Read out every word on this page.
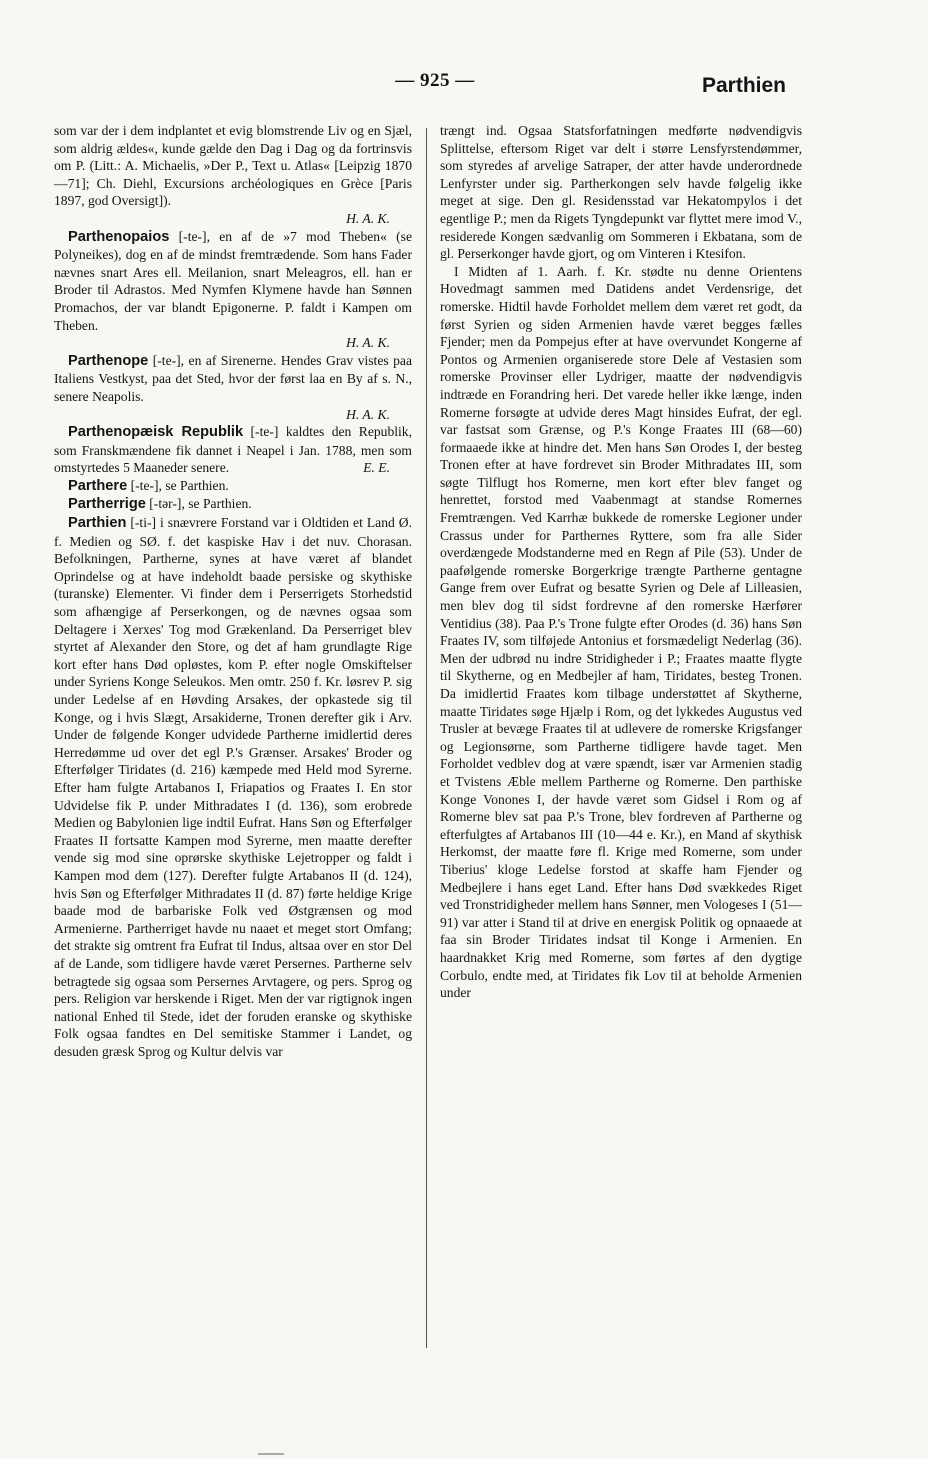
— 925 —	Parthien

som var der i dem indplantet et evig blomstrende Liv og en Sjæl, som aldrig ældes«, kunde gælde den Dag i Dag og da fortrinsvis om P. (Litt.: A. Michaelis, »Der P., Text u. Atlas« [Leipzig 1870—71]; Ch. Diehl, Excursions archéologiques en Grèce [Paris 1897, god Oversigt]).
H. A. K.

Parthenopaios [-te-], en af de »7 mod Theben« (se Polyneikes), dog en af de mindst fremtrædende. Som hans Fader nævnes snart Ares ell. Meilanion, snart Meleagros, ell. han er Broder til Adrastos. Med Nymfen Klymene havde han Sønnen Promachos, der var blandt Epigonerne. P. faldt i Kampen om Theben.
H. A. K.

Parthenope [-te-], en af Sirenerne. Hendes Grav vistes paa Italiens Vestkyst, paa det Sted, hvor der først laa en By af s. N., senere Neapolis.
H. A. K.

Parthenopæisk Republik [-te-] kaldtes den Republik, som Franskmændene fik dannet i Neapel i Jan. 1788, men som omstyrtedes 5 Maaneder senere.	E. E.

Parthere [-te-], se Parthien.

Partherrige [-tər-], se Parthien.

Parthien [-ti-] i snævrere Forstand var i Oldtiden et Land Ø. f. Medien og SØ. f. det kaspiske Hav i det nuv. Chorasan. Befolkningen, Partherne, synes at have været af blandet Oprindelse og at have indeholdt baade persiske og skythiske (turanske) Elementer. Vi finder dem i Perserrigets Storhedstid som afhængige af Perserkongen, og de nævnes ogsaa som Deltagere i Xerxes' Tog mod Grækenland. Da Perserriget blev styrtet af Alexander den Store, og det af ham grundlagte Rige kort efter hans Død opløstes, kom P. efter nogle Omskiftelser under Syriens Konge Seleukos. Men omtr. 250 f. Kr. løsrev P. sig under Ledelse af en Høvding Arsakes, der opkastede sig til Konge, og i hvis Slægt, Arsakiderne, Tronen derefter gik i Arv. Under de følgende Konger udvidede Partherne imidlertid deres Herredømme ud over det egl P.'s Grænser. Arsakes' Broder og Efterfølger Tiridates (d. 216) kæmpede med Held mod Syrerne. Efter ham fulgte Artabanos I, Friapatios og Fraates I. En stor Udvidelse fik P. under Mithradates I (d. 136), som erobrede Medien og Babylonien lige indtil Eufrat. Hans Søn og Efterfølger Fraates II fortsatte Kampen mod Syrerne, men maatte derefter vende sig mod sine oprørske skythiske Lejetropper og faldt i Kampen mod dem (127). Derefter fulgte Artabanos II (d. 124), hvis Søn og Efterfølger Mithradates II (d. 87) førte heldige Krige baade mod de barbariske Folk ved Østgrænsen og mod Armenierne. Partherriget havde nu naaet et meget stort Omfang; det strakte sig omtrent fra Eufrat til Indus, altsaa over en stor Del af de Lande, som tidligere havde været Persernes. Partherne selv betragtede sig ogsaa som Persernes Arvtagere, og pers. Sprog og pers. Religion var herskende i Riget. Men der var rigtignok ingen national Enhed til Stede, idet der foruden eranske og skythiske Folk ogsaa fandtes en Del semitiske Stammer i Landet, og desuden græsk Sprog og Kultur delvis var

trængt ind. Ogsaa Statsforfatningen medførte nødvendigvis Splittelse, eftersom Riget var delt i større Lensfyrstendømmer, som styredes af arvelige Satraper, der atter havde underordnede Lenfyrster under sig. Partherkongen selv havde følgelig ikke meget at sige. Den gl. Residensstad var Hekatompylos i det egentlige P.; men da Rigets Tyngdepunkt var flyttet mere imod V., residerede Kongen sædvanlig om Sommeren i Ekbatana, som de gl. Perserkonger havde gjort, og om Vinteren i Ktesifon.

I Midten af 1. Aarh. f. Kr. stødte nu denne Orientens Hovedmagt sammen med Datidens andet Verdensrige, det romerske. Hidtil havde Forholdet mellem dem været ret godt, da først Syrien og siden Armenien havde været begges fælles Fjender; men da Pompejus efter at have overvundet Kongerne af Pontos og Armenien organiserede store Dele af Vestasien som romerske Provinser eller Lydriger, maatte der nødvendigvis indtræde en Forandring heri. Det varede heller ikke længe, inden Romerne forsøgte at udvide deres Magt hinsides Eufrat, der egl. var fastsat som Grænse, og P.'s Konge Fraates III (68—60) formaaede ikke at hindre det. Men hans Søn Orodes I, der besteg Tronen efter at have fordrevet sin Broder Mithradates III, som søgte Tilflugt hos Romerne, men kort efter blev fanget og henrettet, forstod med Vaabenmagt at standse Romernes Fremtrængen. Ved Karrhæ bukkede de romerske Legioner under Crassus under for Parthernes Ryttere, som fra alle Sider overdængede Modstanderne med en Regn af Pile (53). Under de paafølgende romerske Borgerkrige trængte Partherne gentagne Gange frem over Eufrat og besatte Syrien og Dele af Lilleasien, men blev dog til sidst fordrevne af den romerske Hærfører Ventidius (38). Paa P.'s Trone fulgte efter Orodes (d. 36) hans Søn Fraates IV, som tilføjede Antonius et forsmædeligt Nederlag (36). Men der udbrød nu indre Stridigheder i P.; Fraates maatte flygte til Skytherne, og en Medbejler af ham, Tiridates, besteg Tronen. Da imidlertid Fraates kom tilbage understøttet af Skytherne, maatte Tiridates søge Hjælp i Rom, og det lykkedes Augustus ved Trusler at bevæge Fraates til at udlevere de romerske Krigsfanger og Legionsørne, som Partherne tidligere havde taget. Men Forholdet vedblev dog at være spændt, især var Armenien stadig et Tvistens Æble mellem Partherne og Romerne. Den parthiske Konge Vonones I, der havde været som Gidsel i Rom og af Romerne blev sat paa P.'s Trone, blev fordreven af Partherne og efterfulgtes af Artabanos III (10—44 e. Kr.), en Mand af skythisk Herkomst, der maatte føre fl. Krige med Romerne, som under Tiberius' kloge Ledelse forstod at skaffe ham Fjender og Medbejlere i hans eget Land. Efter hans Død svækkedes Riget ved Tronstridigheder mellem hans Sønner, men Vologeses I (51—91) var atter i Stand til at drive en energisk Politik og opnaaede at faa sin Broder Tiridates indsat til Konge i Armenien. En haardnakket Krig med Romerne, som førtes af den dygtige Corbulo, endte med, at Tiridates fik Lov til at beholde Armenien under
